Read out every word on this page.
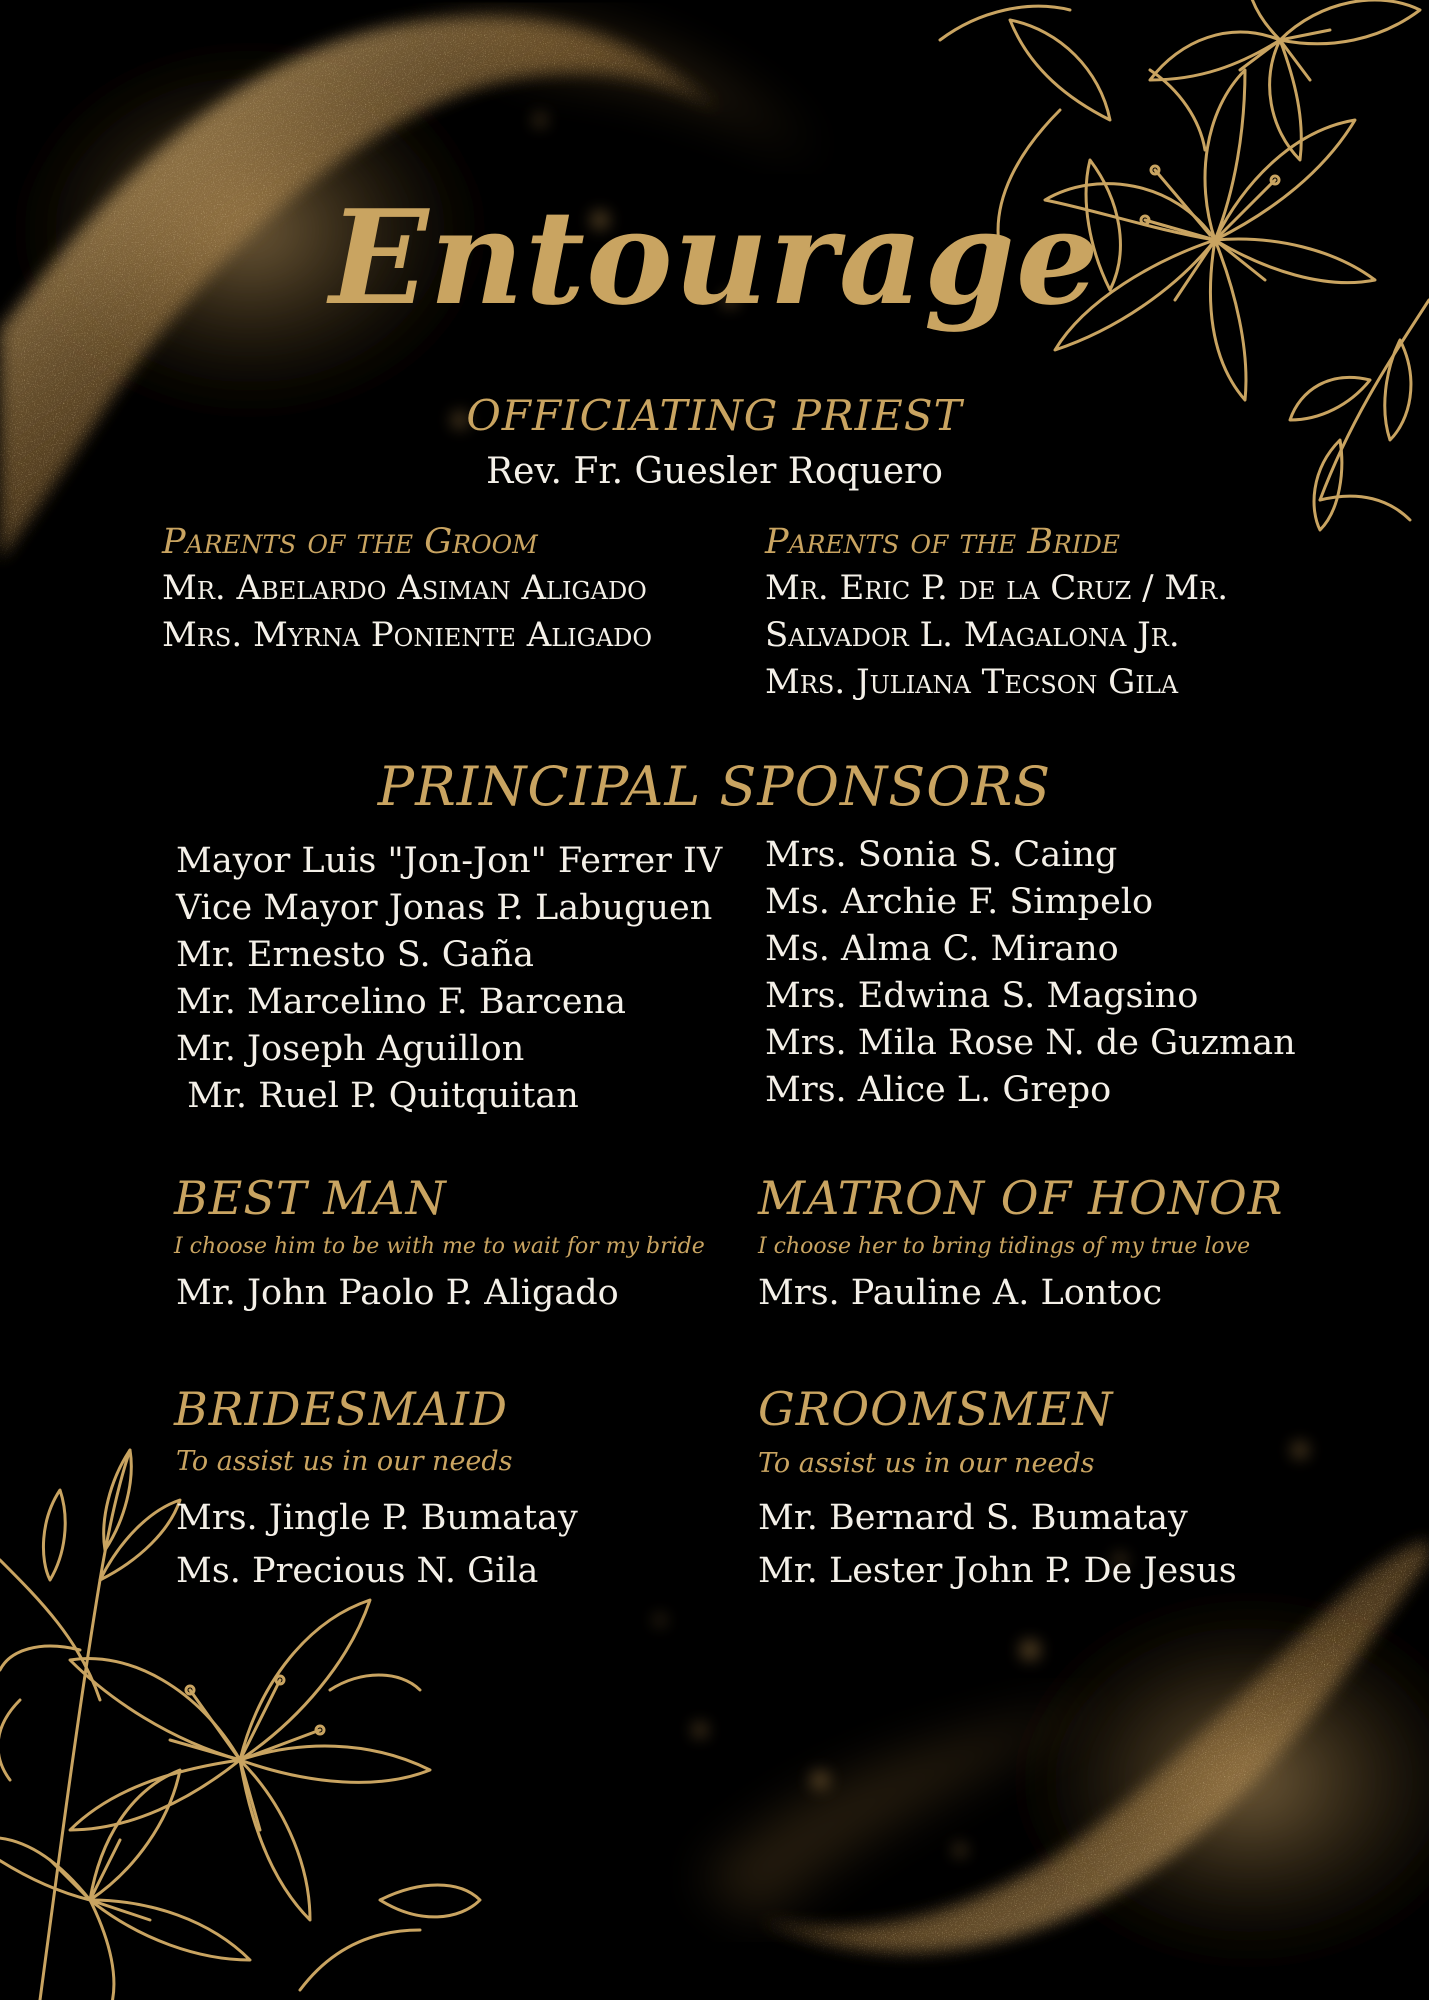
Entourage
OFFICIATING PRIEST
Rev. Fr. Guesler Roquero
Parents of the Groom
Mr. Abelardo Asiman Aligado
Mrs. Myrna Poniente Aligado
Parents of the Bride
Mr. Eric P. de la Cruz / Mr.
Salvador L. Magalona Jr.
Mrs. Juliana Tecson Gila
PRINCIPAL SPONSORS
Mayor Luis "Jon-Jon" Ferrer IV
Vice Mayor Jonas P. Labuguen
Mr. Ernesto S. Gaña
Mr. Marcelino F. Barcena
Mr. Joseph Aguillon
Mr. Ruel P. Quitquitan
Mrs. Sonia S. Caing
Ms. Archie F. Simpelo
Ms. Alma C. Mirano
Mrs. Edwina S. Magsino
Mrs. Mila Rose N. de Guzman
Mrs. Alice L. Grepo
BEST MAN
I choose him to be with me to wait for my bride
Mr. John Paolo P. Aligado
MATRON OF HONOR
I choose her to bring tidings of my true love
Mrs. Pauline A. Lontoc
BRIDESMAID
To assist us in our needs
Mrs. Jingle P. Bumatay
Ms. Precious N. Gila
GROOMSMEN
To assist us in our needs
Mr. Bernard S. Bumatay
Mr. Lester John P. De Jesus
